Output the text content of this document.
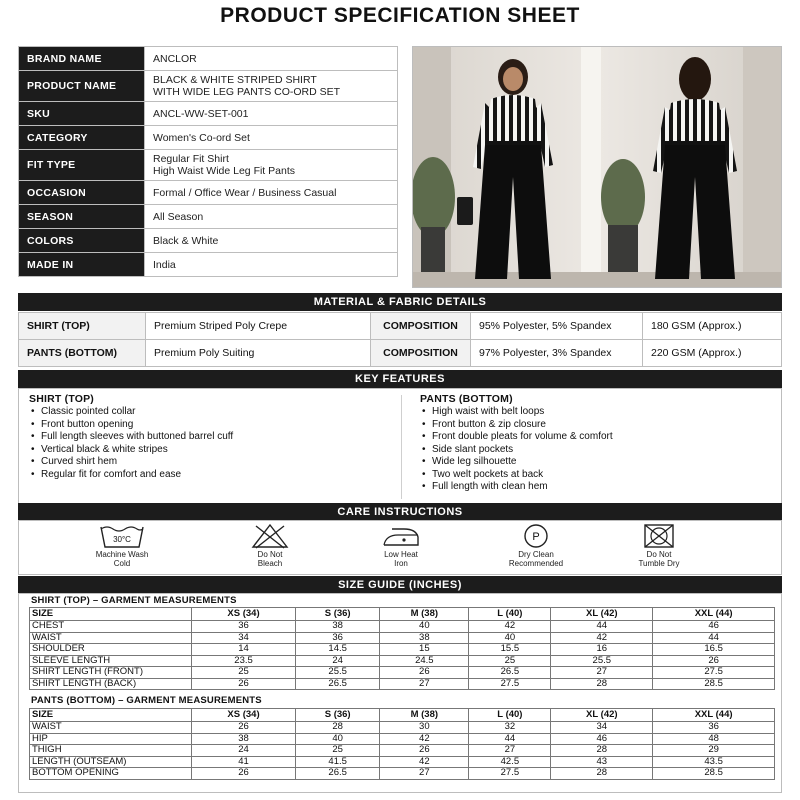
PRODUCT SPECIFICATION SHEET
BRAND NAME	ANCLOR
PRODUCT NAME	BLACK & WHITE STRIPED SHIRT
WITH WIDE LEG PANTS CO-ORD SET
SKU	ANCL-WW-SET-001
CATEGORY	Women's Co-ord Set
FIT TYPE	Regular Fit Shirt
High Waist Wide Leg Fit Pants
OCCASION	Formal / Office Wear / Business Casual
SEASON	All Season
COLORS	Black & White
MADE IN	India
MATERIAL & FABRIC DETAILS
SHIRT (TOP)	Premium Striped Poly Crepe	COMPOSITION	95% Polyester, 5% Spandex	180 GSM (Approx.)
PANTS (BOTTOM)	Premium Poly Suiting	COMPOSITION	97% Polyester, 3% Spandex	220 GSM (Approx.)
KEY FEATURES
SHIRT (TOP)
• Classic pointed collar
• Front button opening
• Full length sleeves with buttoned barrel cuff
• Vertical black & white stripes
• Curved shirt hem
• Regular fit for comfort and ease
PANTS (BOTTOM)
• High waist with belt loops
• Front button & zip closure
• Front double pleats for volume & comfort
• Side slant pockets
• Wide leg silhouette
• Two welt pockets at back
• Full length with clean hem
CARE INSTRUCTIONS
30°C
Machine Wash
Cold
Do Not
Bleach
Low Heat
Iron
P
Dry Clean
Recommended
Do Not
Tumble Dry
SIZE GUIDE (INCHES)
SHIRT (TOP) – GARMENT MEASUREMENTS
SIZE	XS (34)	S (36)	M (38)	L (40)	XL (42)	XXL (44)
CHEST	36	38	40	42	44	46
WAIST	34	36	38	40	42	44
SHOULDER	14	14.5	15	15.5	16	16.5
SLEEVE LENGTH	23.5	24	24.5	25	25.5	26
SHIRT LENGTH (FRONT)	25	25.5	26	26.5	27	27.5
SHIRT LENGTH (BACK)	26	26.5	27	27.5	28	28.5
PANTS (BOTTOM) – GARMENT MEASUREMENTS
SIZE	XS (34)	S (36)	M (38)	L (40)	XL (42)	XXL (44)
WAIST	26	28	30	32	34	36
HIP	38	40	42	44	46	48
THIGH	24	25	26	27	28	29
LENGTH (OUTSEAM)	41	41.5	42	42.5	43	43.5
BOTTOM OPENING	26	26.5	27	27.5	28	28.5
